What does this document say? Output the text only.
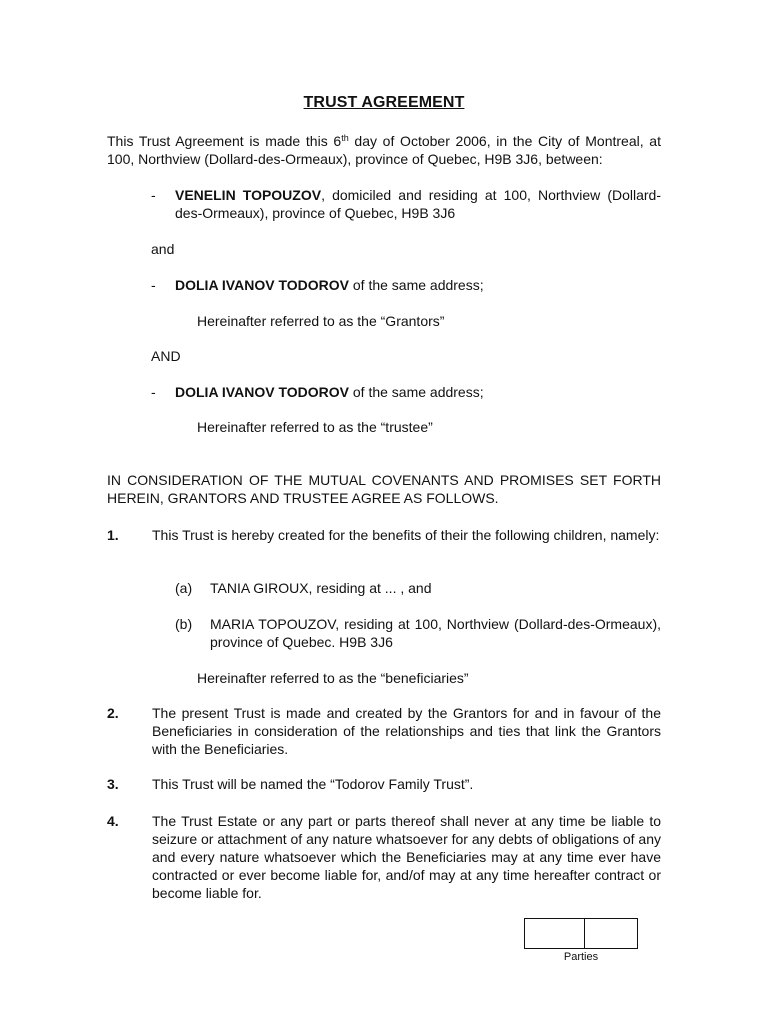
TRUST AGREEMENT
This Trust Agreement is made this 6th day of October 2006, in the City of Montreal, at 100, Northview (Dollard-des-Ormeaux), province of Quebec, H9B 3J6, between:
- VENELIN TOPOUZOV, domiciled and residing at 100, Northview (Dollard-des-Ormeaux), province of Quebec, H9B 3J6
and
- DOLIA IVANOV TODOROV of the same address;
Hereinafter referred to as the “Grantors”
AND
- DOLIA IVANOV TODOROV of the same address;
Hereinafter referred to as the “trustee”
IN CONSIDERATION OF THE MUTUAL COVENANTS AND PROMISES SET FORTH HEREIN, GRANTORS AND TRUSTEE AGREE AS FOLLOWS.
1. This Trust is hereby created for the benefits of their the following children, namely:
(a) TANIA GIROUX, residing at ... , and
(b) MARIA TOPOUZOV, residing at 100, Northview (Dollard-des-Ormeaux), province of Quebec. H9B 3J6
Hereinafter referred to as the “beneficiaries”
2. The present Trust is made and created by the Grantors for and in favour of the Beneficiaries in consideration of the relationships and ties that link the Grantors with the Beneficiaries.
3. This Trust will be named the “Todorov Family Trust”.
4. The Trust Estate or any part or parts thereof shall never at any time be liable to seizure or attachment of any nature whatsoever for any debts of obligations of any and every nature whatsoever which the Beneficiaries may at any time ever have contracted or ever become liable for, and/of may at any time hereafter contract or become liable for.
Parties
